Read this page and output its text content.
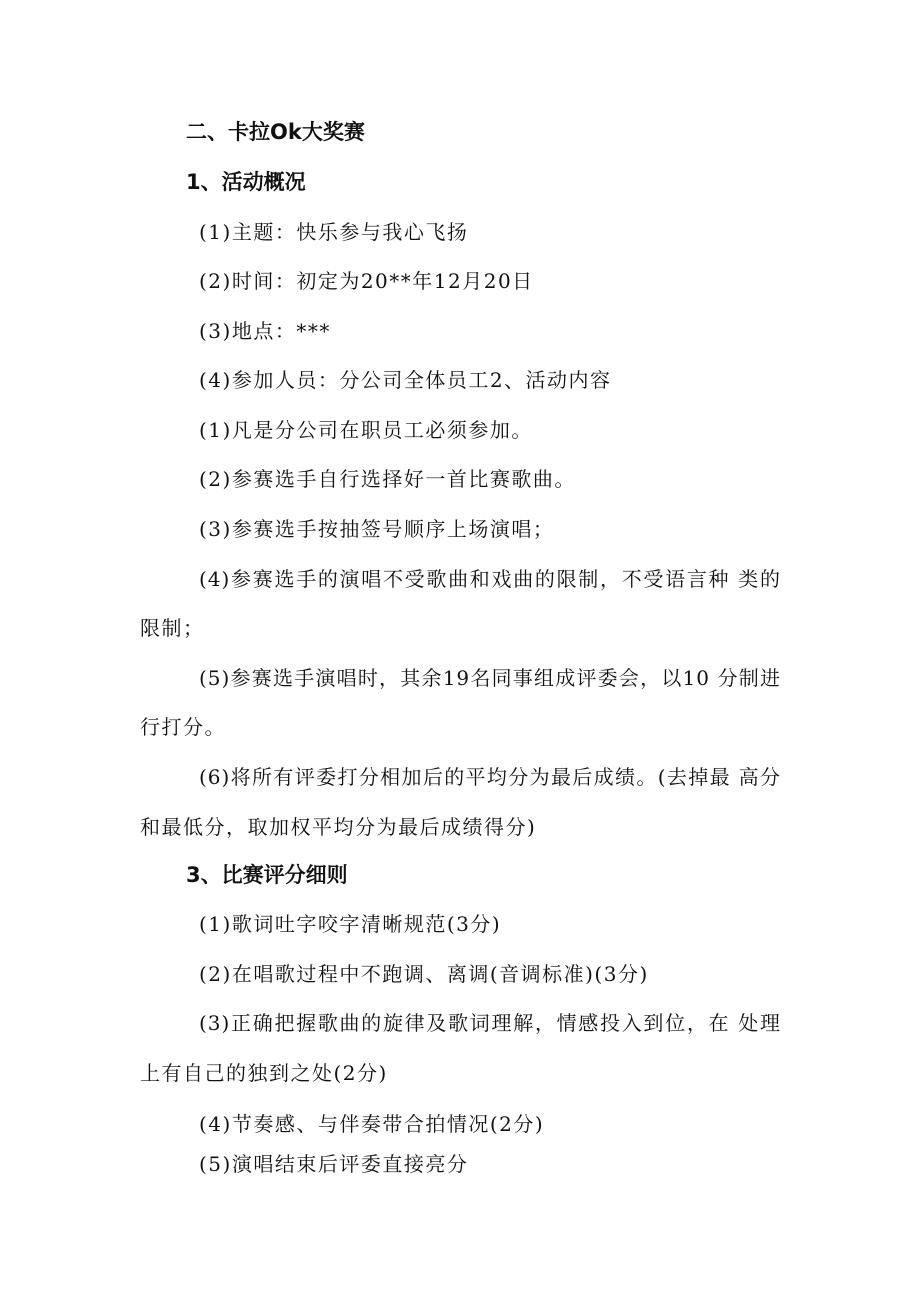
二、卡拉Ok大奖赛
1、活动概况
(1)主题：快乐参与我心飞扬
(2)时间：初定为20**年12月20日
(3)地点：***
(4)参加人员：分公司全体员工2、活动内容
(1)凡是分公司在职员工必须参加。
(2)参赛选手自行选择好一首比赛歌曲。
(3)参赛选手按抽签号顺序上场演唱；
(4)参赛选手的演唱不受歌曲和戏曲的限制，不受语言种 类的
限制；
(5)参赛选手演唱时，其余19名同事组成评委会，以10 分制进
行打分。
(6)将所有评委打分相加后的平均分为最后成绩。(去掉最 高分
和最低分，取加权平均分为最后成绩得分)
3、比赛评分细则
(1)歌词吐字咬字清晰规范(3分)
(2)在唱歌过程中不跑调、离调(音调标准)(3分)
(3)正确把握歌曲的旋律及歌词理解，情感投入到位，在 处理
上有自己的独到之处(2分)
(4)节奏感、与伴奏带合拍情况(2分)
(5)演唱结束后评委直接亮分
